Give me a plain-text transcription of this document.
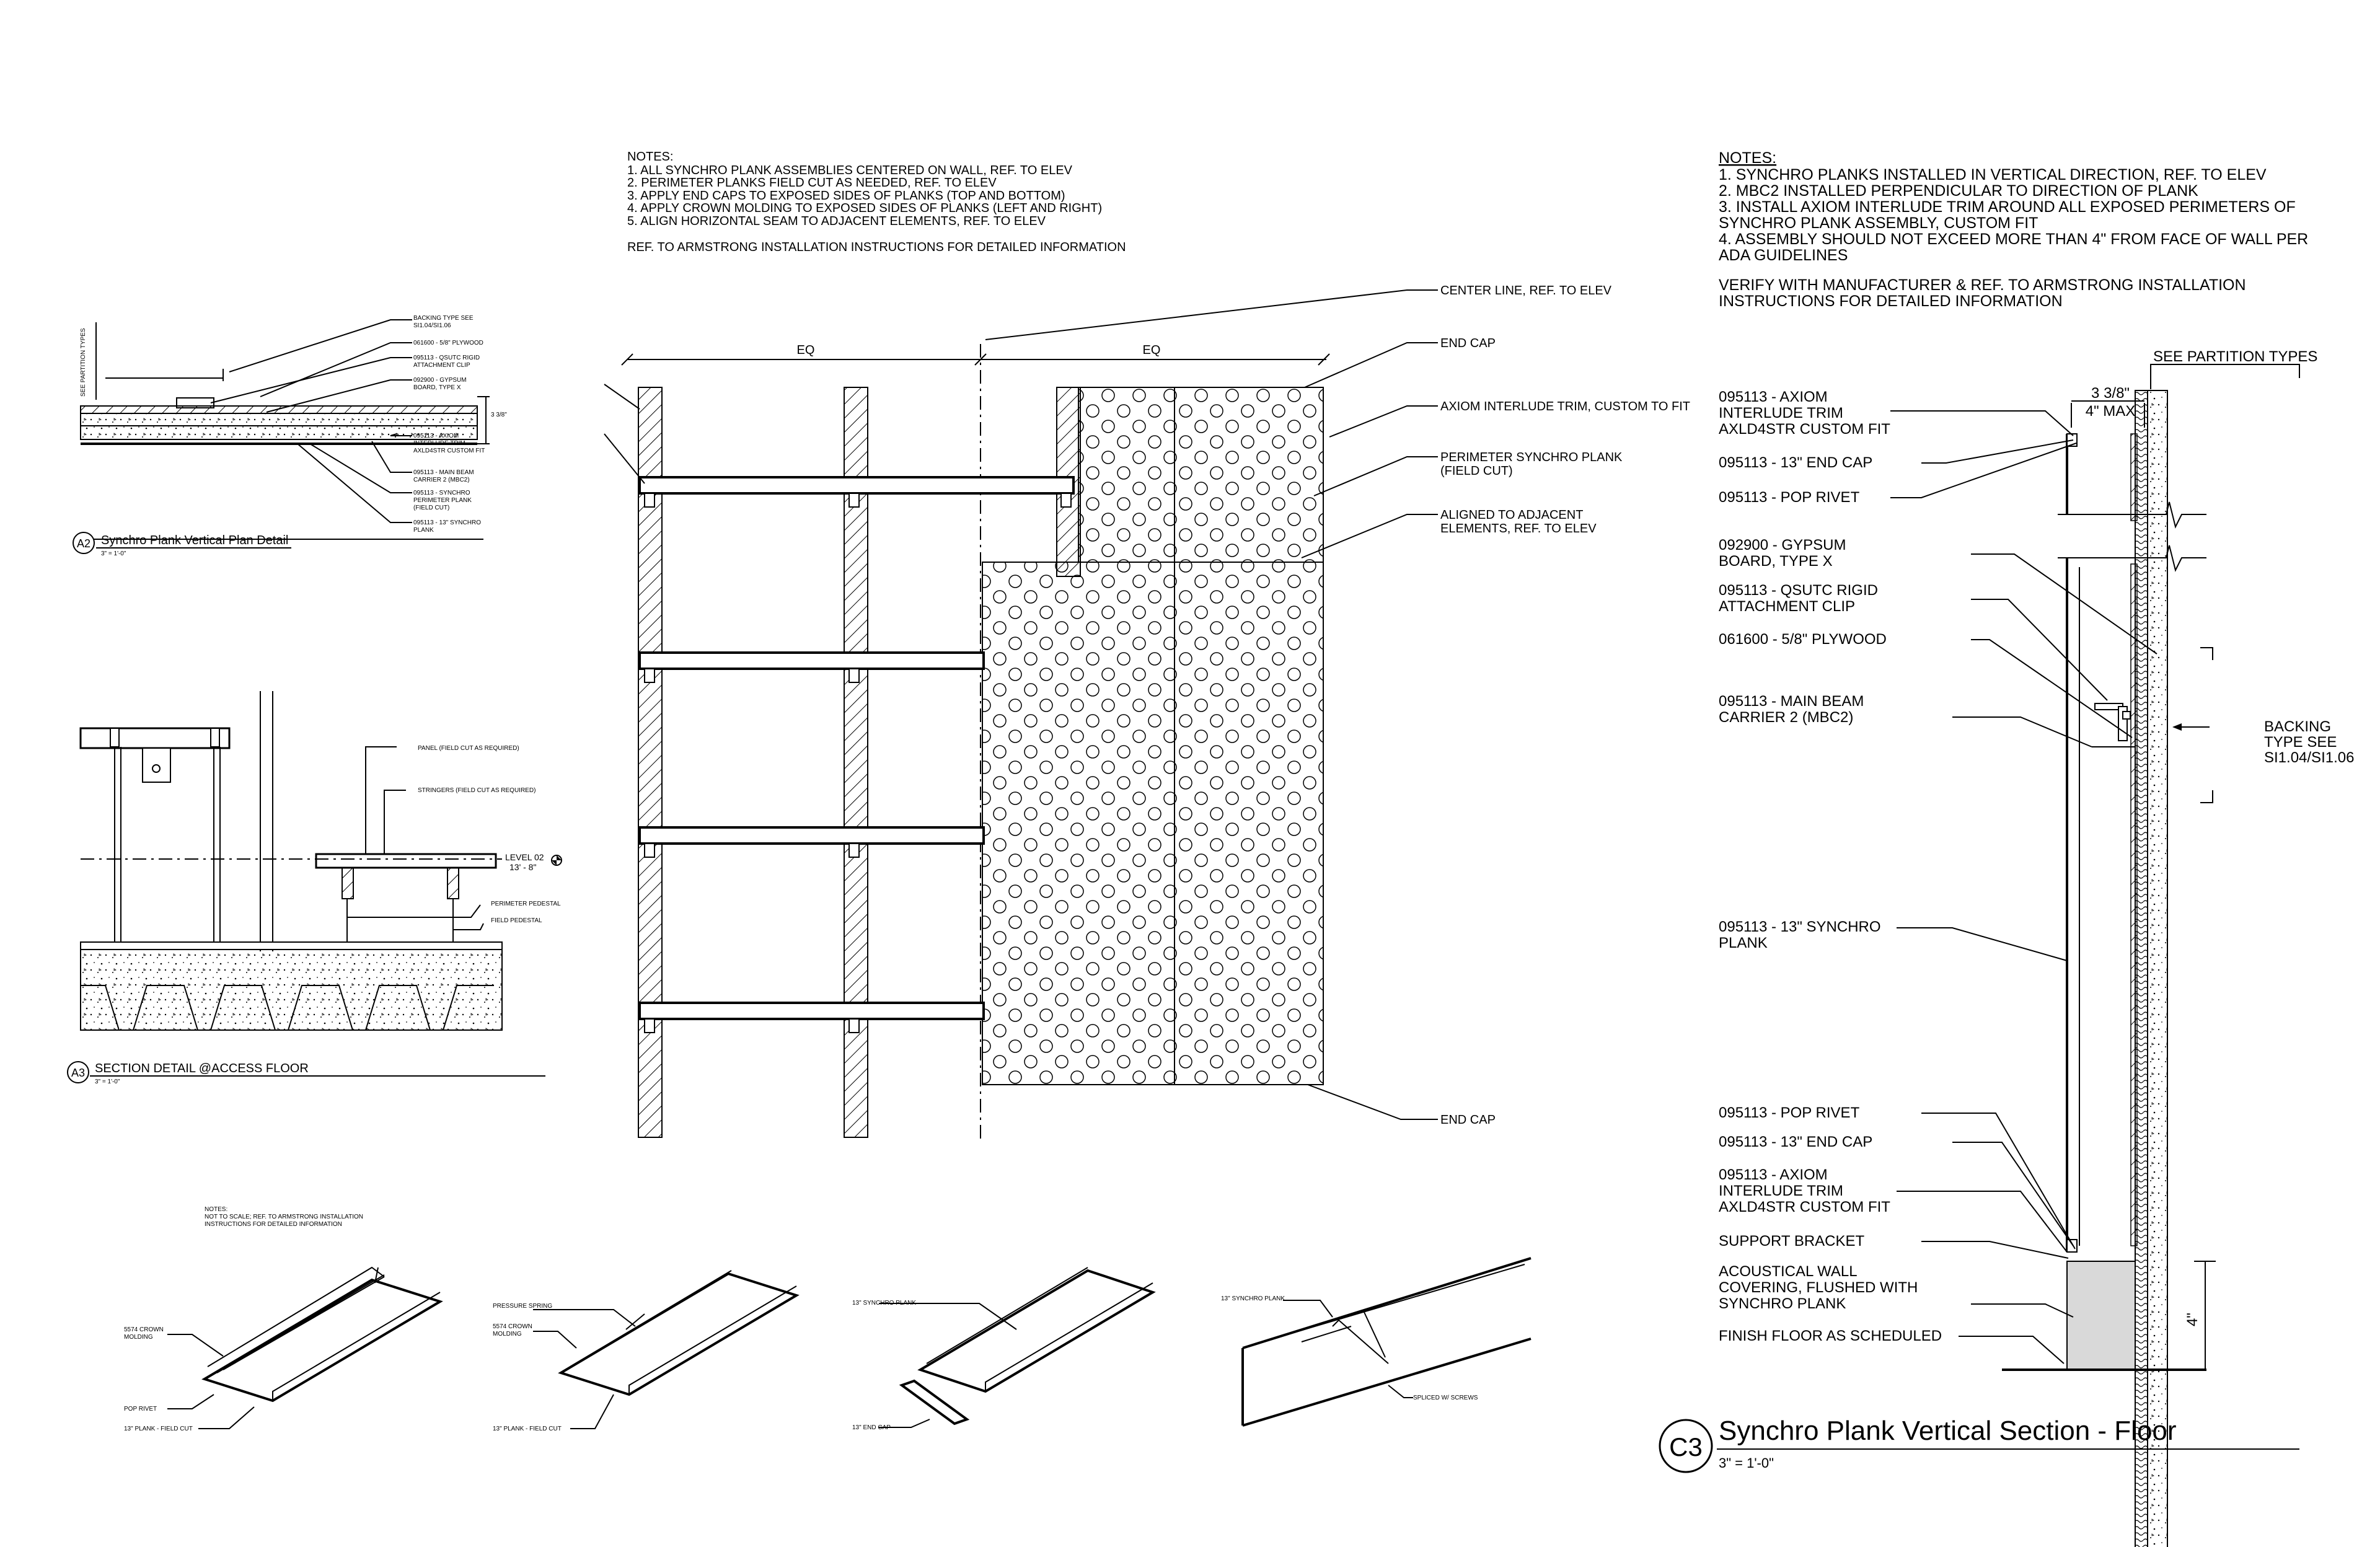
NOTES:
1. ALL SYNCHRO PLANK ASSEMBLIES CENTERED ON WALL, REF. TO ELEV
2. PERIMETER PLANKS FIELD CUT AS NEEDED, REF. TO ELEV
3. APPLY END CAPS TO EXPOSED SIDES OF PLANKS (TOP AND BOTTOM)
4. APPLY CROWN MOLDING TO EXPOSED SIDES OF PLANKS (LEFT AND RIGHT)
5. ALIGN HORIZONTAL SEAM TO ADJACENT ELEMENTS, REF. TO ELEV
REF. TO ARMSTRONG INSTALLATION INSTRUCTIONS FOR DETAILED INFORMATION
NOTES:
1. SYNCHRO PLANKS INSTALLED IN VERTICAL DIRECTION, REF. TO ELEV
2. MBC2 INSTALLED PERPENDICULAR TO DIRECTION OF PLANK
3. INSTALL AXIOM INTERLUDE TRIM AROUND ALL EXPOSED PERIMETERS OF
SYNCHRO PLANK ASSEMBLY, CUSTOM FIT
4. ASSEMBLY SHOULD NOT EXCEED MORE THAN 4" FROM FACE OF WALL PER
ADA GUIDELINES
VERIFY WITH MANUFACTURER & REF. TO ARMSTRONG INSTALLATION
INSTRUCTIONS FOR DETAILED INFORMATION
EQ	EQ
CENTER LINE, REF. TO ELEV
END CAP
AXIOM INTERLUDE TRIM, CUSTOM TO FIT
PERIMETER SYNCHRO PLANK
(FIELD CUT)
ALIGNED TO ADJACENT
ELEMENTS, REF. TO ELEV
END CAP
SEE PARTITION TYPES
3 3/8"
BACKING TYPE SEE
SI1.04/SI1.06
061600 - 5/8" PLYWOOD
095113 - QSUTC RIGID
ATTACHMENT CLIP
092900 - GYPSUM
BOARD, TYPE X
095113 - AXIOM
INTERLUDE TRIM
AXLD4STR CUSTOM FIT
095113 - MAIN BEAM
CARRIER 2 (MBC2)
095113 - SYNCHRO
PERIMETER PLANK
(FIELD CUT)
095113 - 13" SYNCHRO
PLANK
A2 Synchro Plank Vertical Plan Detail
3" = 1'-0"
PANEL (FIELD CUT AS REQUIRED)
STRINGERS (FIELD CUT AS REQUIRED)
PERIMETER PEDESTAL
FIELD PEDESTAL
LEVEL 02
13' - 8"
A3 SECTION DETAIL @ACCESS FLOOR
3" = 1'-0"
NOTES:
NOT TO SCALE; REF. TO ARMSTRONG INSTALLATION
INSTRUCTIONS FOR DETAILED INFORMATION
5574 CROWN
MOLDING
POP RIVET
13" PLANK - FIELD CUT
PRESSURE SPRING
5574 CROWN
MOLDING
13" PLANK - FIELD CUT
13" SYNCHRO PLANK
13" END CAP
13" SYNCHRO PLANK
SPLICED W/ SCREWS
SEE PARTITION TYPES
3 3/8"
4" MAX
BACKING
TYPE SEE
SI1.04/SI1.06
4"
095113 - AXIOM
INTERLUDE TRIM
AXLD4STR CUSTOM FIT
095113 - 13" END CAP
095113 - POP RIVET
092900 - GYPSUM
BOARD, TYPE X
095113 - QSUTC RIGID
ATTACHMENT CLIP
061600 - 5/8" PLYWOOD
095113 - MAIN BEAM
CARRIER 2 (MBC2)
095113 - 13" SYNCHRO
PLANK
095113 - POP RIVET
095113 - 13" END CAP
095113 - AXIOM
INTERLUDE TRIM
AXLD4STR CUSTOM FIT
SUPPORT BRACKET
ACOUSTICAL WALL
COVERING, FLUSHED WITH
SYNCHRO PLANK
FINISH FLOOR AS SCHEDULED
C3
Synchro Plank Vertical Section - Floor
3" = 1'-0"
